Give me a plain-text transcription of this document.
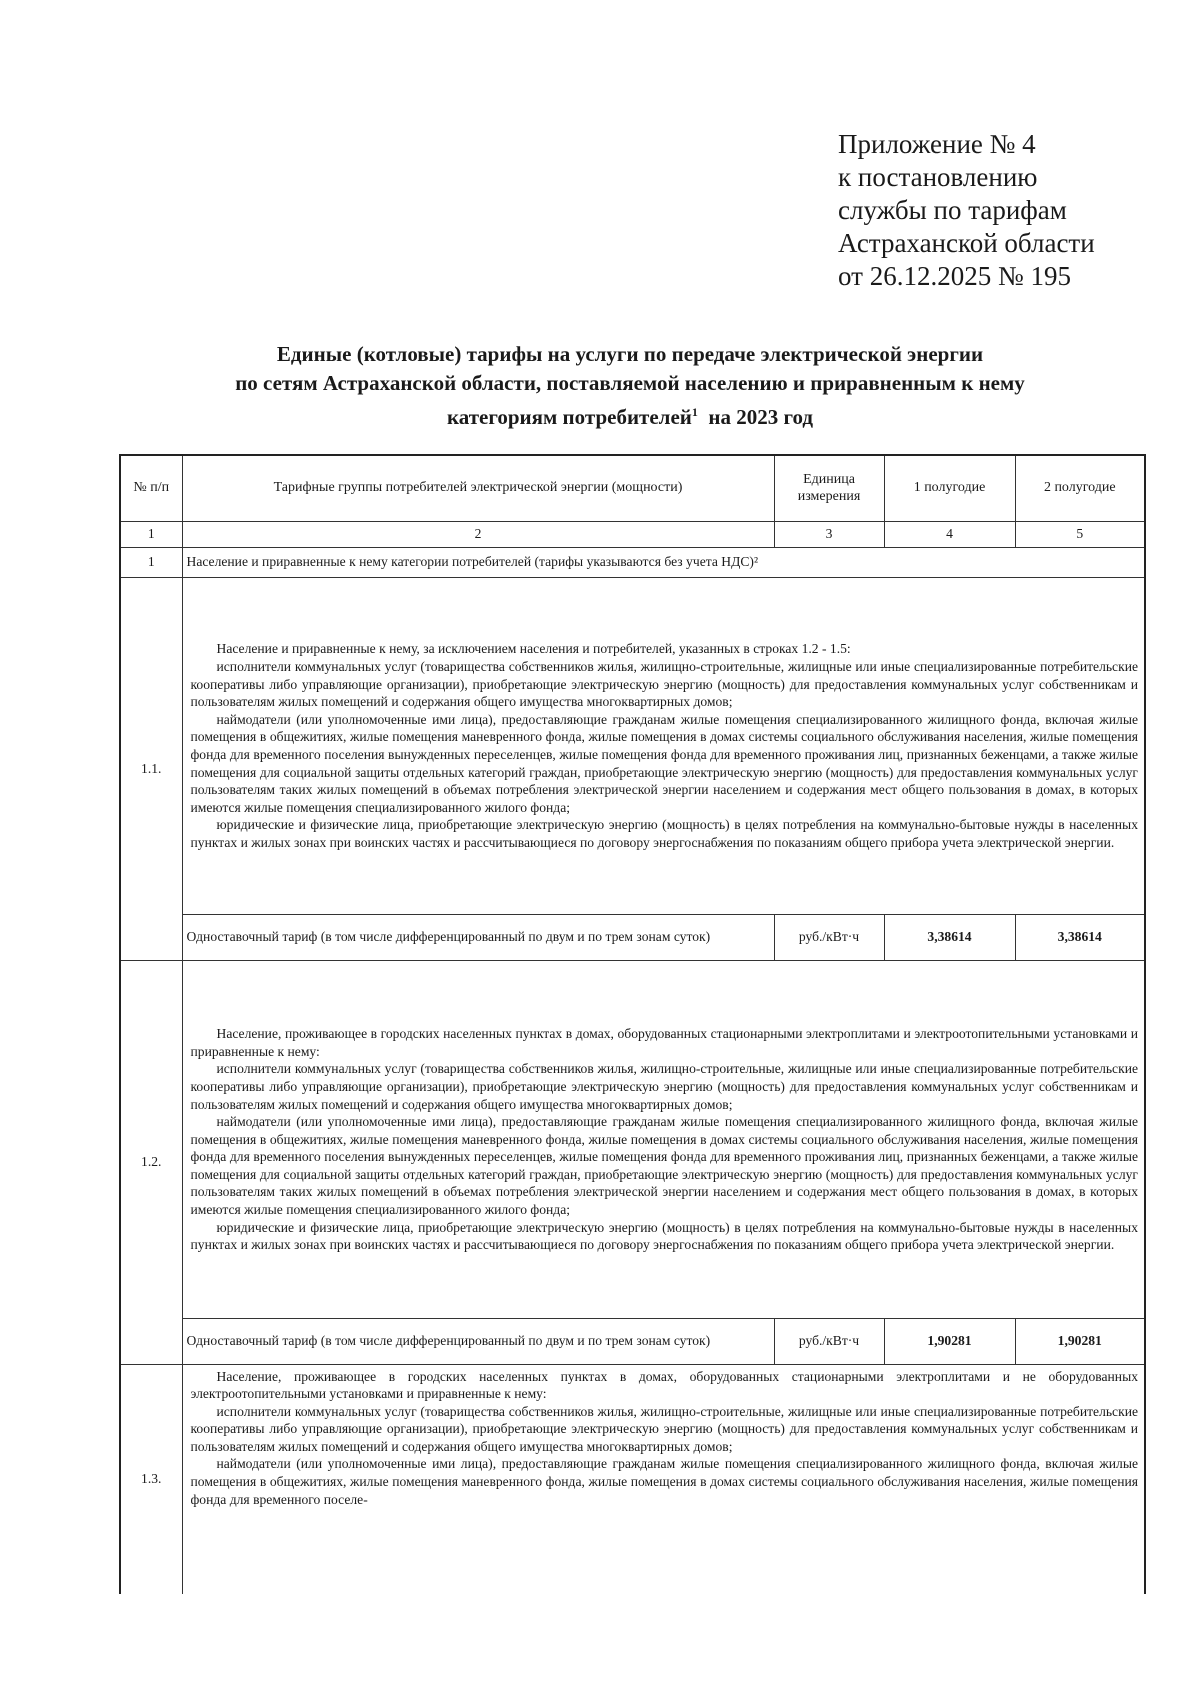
Приложение № 4
к постановлению
службы по тарифам
Астраханской области
от 26.12.2025 № 195
Единые (котловые) тарифы на услуги по передаче электрической энергии
по сетям Астраханской области, поставляемой населению и приравненным к нему
категориям потребителей$^1$  на 2023 год
№ п/п	Тарифные группы потребителей электрической энергии (мощности)	Единица измерения	1 полугодие	2 полугодие
1	2	3	4	5
1	Население и приравненные к нему категории потребителей (тарифы указываются без учета НДС)²			
1.1.	Население и приравненные к нему, за исключением населения и потребителей, указанных в строках 1.2 - 1.5:

исполнители коммунальных услуг (товарищества собственников жилья, жилищно-строительные, жилищные или иные специализированные потребительские кооперативы либо управляющие организации), приобретающие электрическую энергию (мощность) для предоставления коммунальных услуг собственникам и пользователям жилых помещений и содержания общего имущества многоквартирных домов;

наймодатели (или уполномоченные ими лица), предоставляющие гражданам жилые помещения специализированного жилищного фонда, включая жилые помещения в общежитиях, жилые помещения маневренного фонда, жилые помещения в домах системы социального обслуживания населения, жилые помещения фонда для временного поселения вынужденных переселенцев, жилые помещения фонда для временного проживания лиц, признанных беженцами, а также жилые помещения для социальной защиты отдельных категорий граждан, приобретающие электрическую энергию (мощность) для предоставления коммунальных услуг пользователям таких жилых помещений в объемах потребления электрической энергии населением и содержания мест общего пользования в домах, в которых имеются жилые помещения специализированного жилого фонда;

юридические и физические лица, приобретающие электрическую энергию (мощность) в целях потребления на коммунально-бытовые нужды в населенных пунктах и жилых зонах при воинских частях и рассчитывающиеся по договору энергоснабжения по показаниям общего прибора учета электрической энергии.			

	Одноставочный тариф (в том числе дифференцированный по двум и по трем зонам суток)	руб./кВт·ч	3,38614	3,38614
1.2.	Население, проживающее в городских населенных пунктах в домах, оборудованных стационарными электроплитами и электроотопительными установками и приравненные к нему:

исполнители коммунальных услуг (товарищества собственников жилья, жилищно-строительные, жилищные или иные специализированные потребительские кооперативы либо управляющие организации), приобретающие электрическую энергию (мощность) для предоставления коммунальных услуг собственникам и пользователям жилых помещений и содержания общего имущества многоквартирных домов;

наймодатели (или уполномоченные ими лица), предоставляющие гражданам жилые помещения специализированного жилищного фонда, включая жилые помещения в общежитиях, жилые помещения маневренного фонда, жилые помещения в домах системы социального обслуживания населения, жилые помещения фонда для временного поселения вынужденных переселенцев, жилые помещения фонда для временного проживания лиц, признанных беженцами, а также жилые помещения для социальной защиты отдельных категорий граждан, приобретающие электрическую энергию (мощность) для предоставления коммунальных услуг пользователям таких жилых помещений в объемах потребления электрической энергии населением и содержания мест общего пользования в домах, в которых имеются жилые помещения специализированного жилого фонда;

юридические и физические лица, приобретающие электрическую энергию (мощность) в целях потребления на коммунально-бытовые нужды в населенных пунктах и жилых зонах при воинских частях и рассчитывающиеся по договору энергоснабжения по показаниям общего прибора учета электрической энергии.			

	Одноставочный тариф (в том числе дифференцированный по двум и по трем зонам суток)	руб./кВт·ч	1,90281	1,90281
1.3.	Население, проживающее в городских населенных пунктах в домах, оборудованных стационарными электроплитами и не оборудованных электроотопительными установками и приравненные к нему:

исполнители коммунальных услуг (товарищества собственников жилья, жилищно-строительные, жилищные или иные специализированные потребительские кооперативы либо управляющие организации), приобретающие электрическую энергию (мощность) для предоставления коммунальных услуг собственникам и пользователям жилых помещений и содержания общего имущества многоквартирных домов;

наймодатели (или уполномоченные ими лица), предоставляющие гражданам жилые помещения специализированного жилищного фонда, включая жилые помещения в общежитиях, жилые помещения маневренного фонда, жилые помещения в домах системы социального обслуживания населения, жилые помещения фонда для временного поселе-			
